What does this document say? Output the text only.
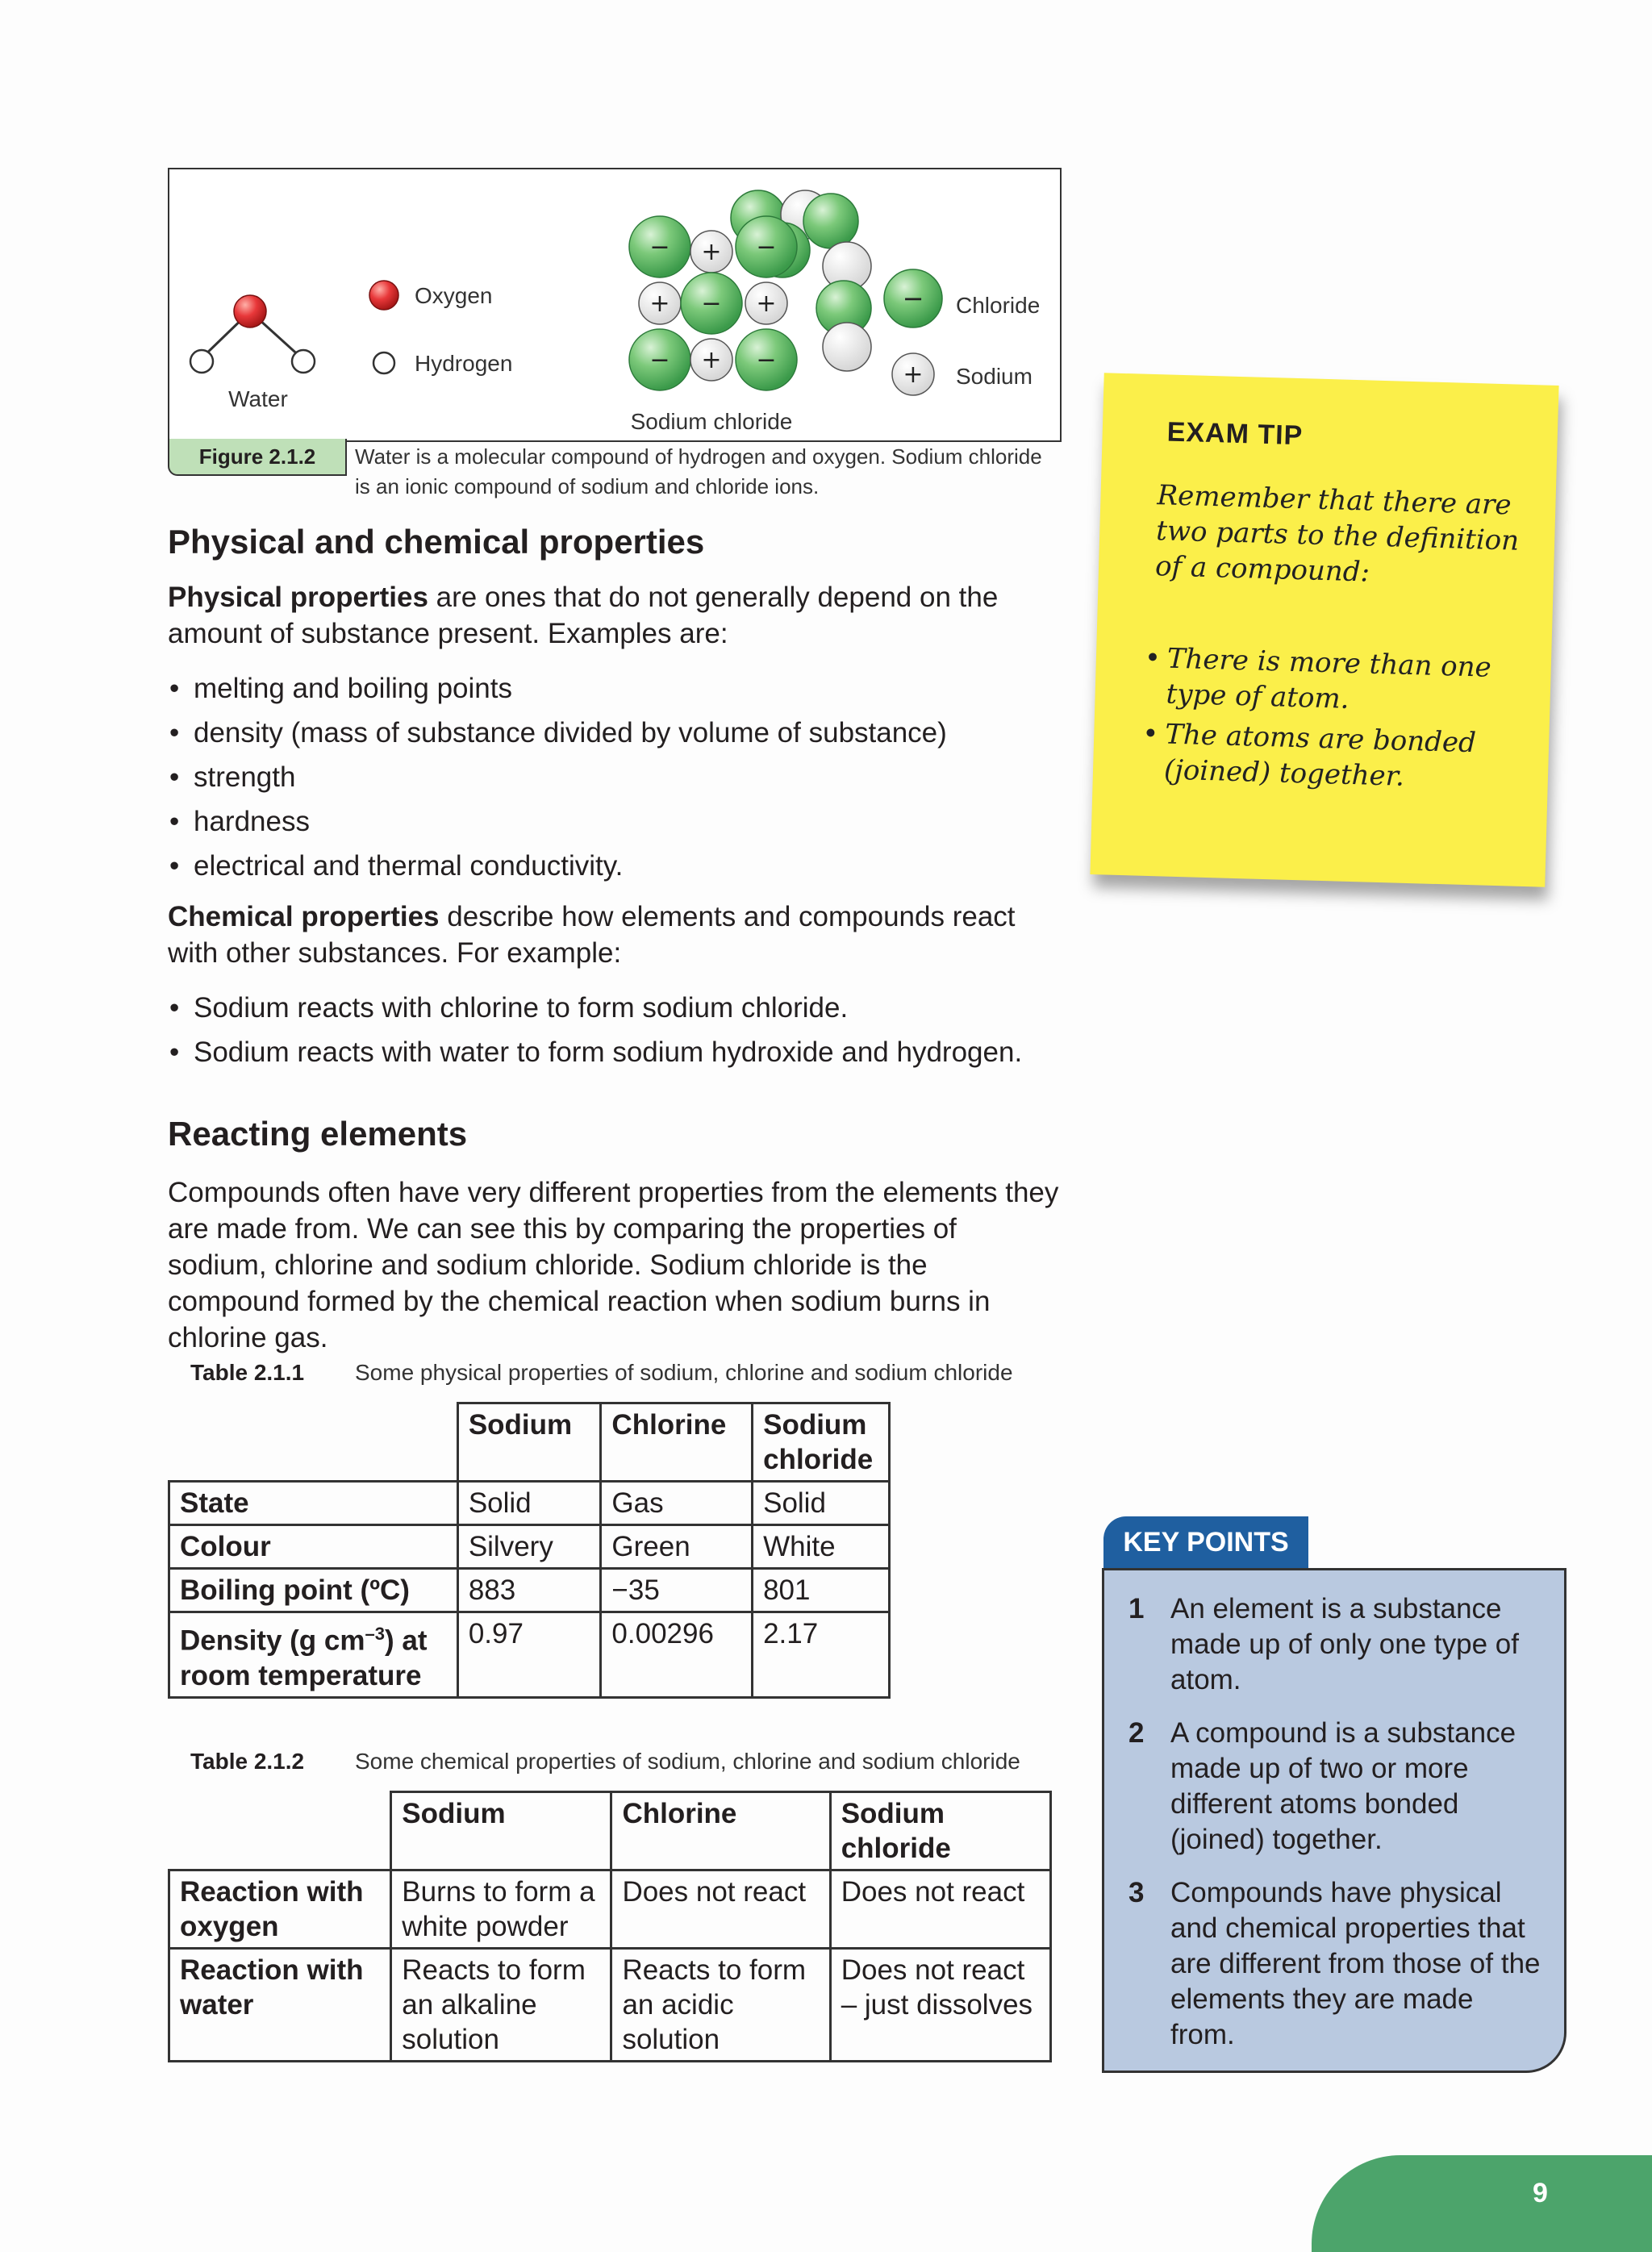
Water
Oxygen
Hydrogen
− + −
+ − +
− + −
Sodium chloride
− Chloride
+ Sodium
Figure 2.1.2	Water is a molecular compound of hydrogen and oxygen. Sodium chloride is an ionic compound of sodium and chloride ions.
Physical and chemical properties

Physical properties are ones that do not generally depend on the amount of substance present. Examples are:

• melting and boiling points
• density (mass of substance divided by volume of substance)
• strength
• hardness
• electrical and thermal conductivity.

Chemical properties describe how elements and compounds react with other substances. For example:

• Sodium reacts with chlorine to form sodium chloride.
• Sodium reacts with water to form sodium hydroxide and hydrogen.
Reacting elements

Compounds often have very different properties from the elements they are made from. We can see this by comparing the properties of sodium, chlorine and sodium chloride. Sodium chloride is the compound formed by the chemical reaction when sodium burns in chlorine gas.

Table 2.1.1 Some physical properties of sodium, chlorine and sodium chloride
	Sodium	Chlorine	Sodium chloride
State	Solid	Gas	Solid
Colour	Silvery	Green	White
Boiling point (ºC)	883	−35	801
Density (g $cm^{-3}$) at room temperature	0.97	0.00296	2.17
Table 2.1.2 Some chemical properties of sodium, chlorine and sodium chloride
	Sodium	Chlorine	Sodium chloride
Reaction with oxygen	Burns to form a white powder	Does not react	Does not react
Reaction with water	Reacts to form an alkaline solution	Reacts to form an acidic solution	Does not react – just dissolves
EXAM TIP
Remember that there are two parts to the definition of a compound:
• There is more than one type of atom.
• The atoms are bonded (joined) together.
KEY POINTS
1 An element is a substance made up of only one type of atom.
2 A compound is a substance made up of two or more different atoms bonded (joined) together.
3 Compounds have physical and chemical properties that are different from those of the elements they are made from.
9
